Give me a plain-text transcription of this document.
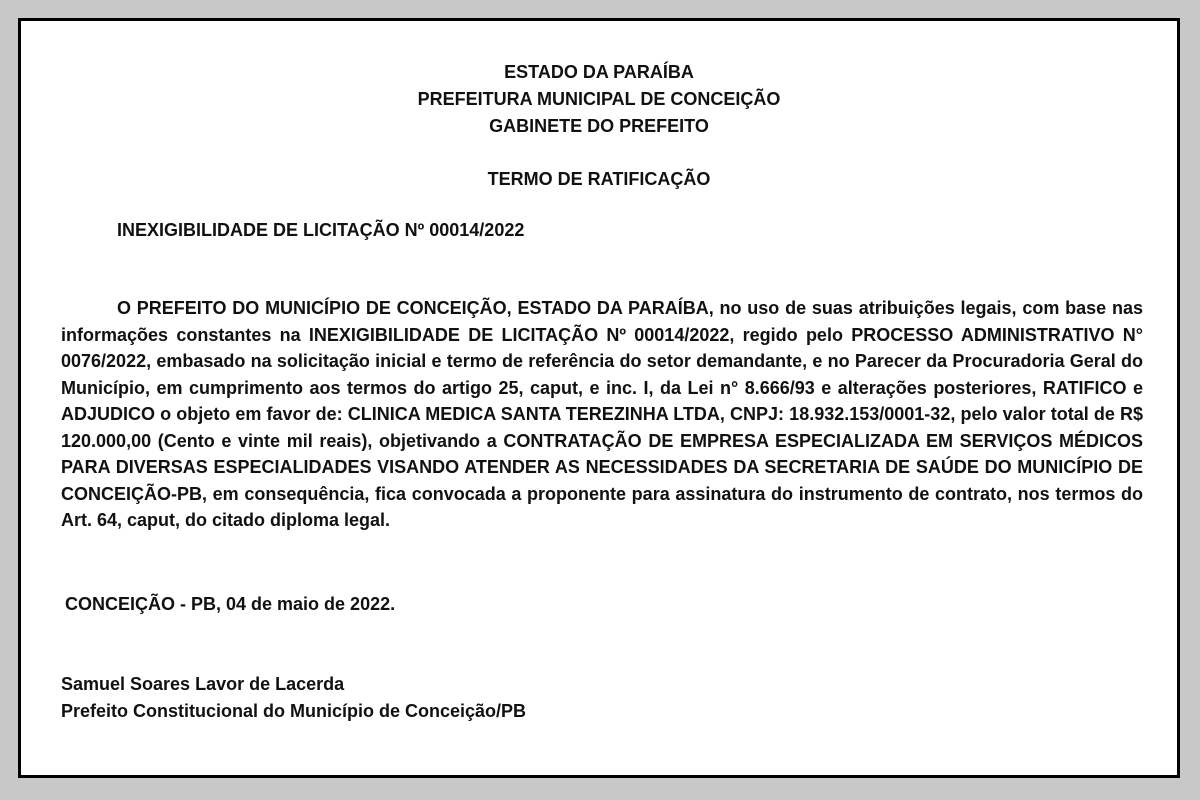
ESTADO DA PARAÍBA
PREFEITURA MUNICIPAL DE CONCEIÇÃO
GABINETE DO PREFEITO
TERMO DE RATIFICAÇÃO
INEXIGIBILIDADE DE LICITAÇÃO Nº 00014/2022

O PREFEITO DO MUNICÍPIO DE CONCEIÇÃO, ESTADO DA PARAÍBA, no uso de suas atribuições legais, com base nas informações constantes na INEXIGIBILIDADE DE LICITAÇÃO Nº 00014/2022, regido pelo PROCESSO ADMINISTRATIVO N° 0076/2022, embasado na solicitação inicial e termo de referência do setor demandante, e no Parecer da Procuradoria Geral do Município, em cumprimento aos termos do artigo 25, caput, e inc. I, da Lei n° 8.666/93 e alterações posteriores, RATIFICO e ADJUDICO o objeto em favor de: CLINICA MEDICA SANTA TEREZINHA LTDA, CNPJ: 18.932.153/0001-32, pelo valor total de R$ 120.000,00 (Cento e vinte mil reais), objetivando a CONTRATAÇÃO DE EMPRESA ESPECIALIZADA EM SERVIÇOS MÉDICOS PARA DIVERSAS ESPECIALIDADES VISANDO ATENDER AS NECESSIDADES DA SECRETARIA DE SAÚDE DO MUNICÍPIO DE CONCEIÇÃO-PB, em consequência, fica convocada a proponente para assinatura do instrumento de contrato, nos termos do Art. 64, caput, do citado diploma legal.

CONCEIÇÃO - PB, 04 de maio de 2022.
Samuel Soares Lavor de Lacerda
Prefeito Constitucional do Município de Conceição/PB
